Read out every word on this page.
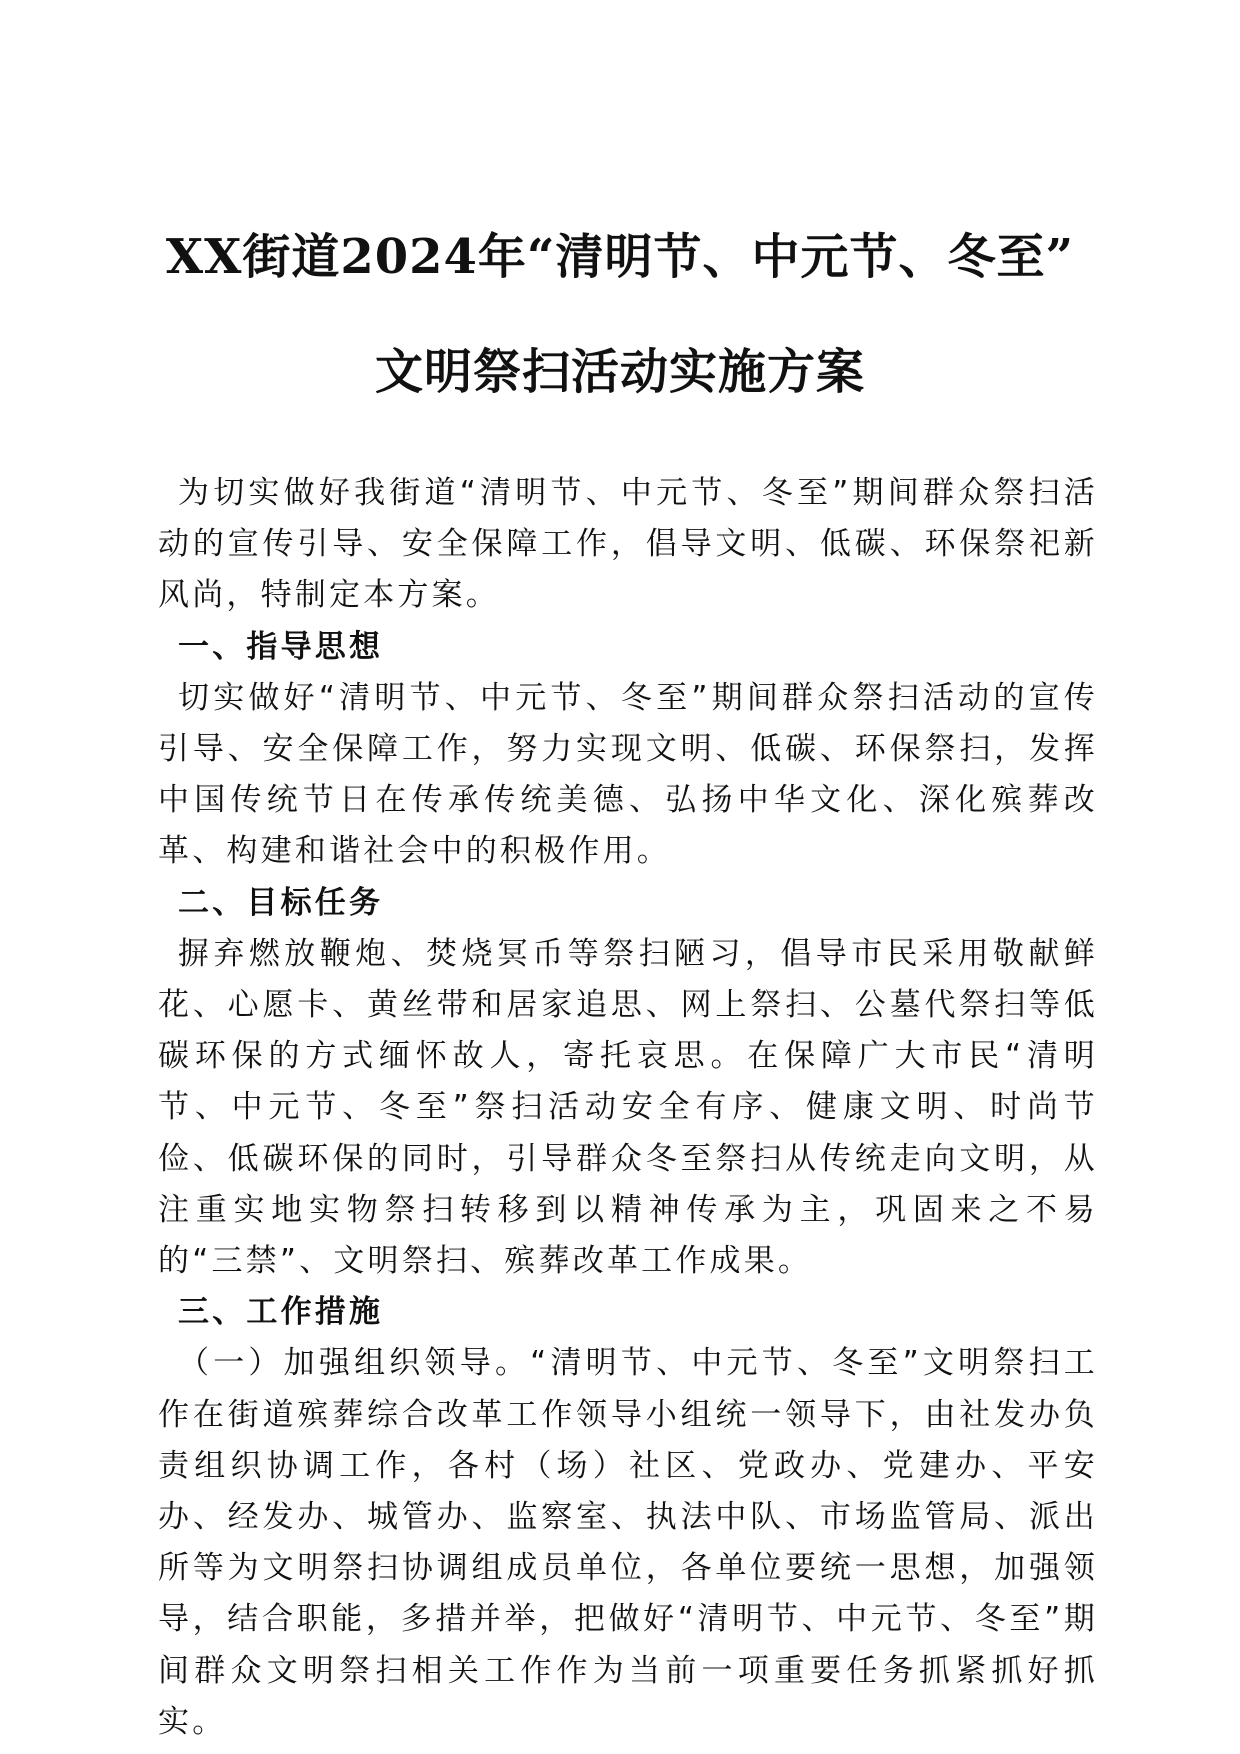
XX街道2024年“清明节、中元节、冬至”
文明祭扫活动实施方案

为切实做好我街道“清明节、中元节、冬至”期间群众祭扫活动的宣传引导、安全保障工作，倡导文明、低碳、环保祭祀新风尚，特制定本方案。

一、指导思想

切实做好“清明节、中元节、冬至”期间群众祭扫活动的宣传引导、安全保障工作，努力实现文明、低碳、环保祭扫，发挥中国传统节日在传承传统美德、弘扬中华文化、深化殡葬改革、构建和谐社会中的积极作用。

二、目标任务

摒弃燃放鞭炮、焚烧冥币等祭扫陋习，倡导市民采用敬献鲜花、心愿卡、黄丝带和居家追思、网上祭扫、公墓代祭扫等低碳环保的方式缅怀故人，寄托哀思。在保障广大市民“清明节、中元节、冬至”祭扫活动安全有序、健康文明、时尚节俭、低碳环保的同时，引导群众冬至祭扫从传统走向文明，从注重实地实物祭扫转移到以精神传承为主，巩固来之不易的“三禁”、文明祭扫、殡葬改革工作成果。

三、工作措施

（一）加强组织领导。“清明节、中元节、冬至”文明祭扫工作在街道殡葬综合改革工作领导小组统一领导下，由社发办负责组织协调工作，各村（场）社区、党政办、党建办、平安办、经发办、城管办、监察室、执法中队、市场监管局、派出所等为文明祭扫协调组成员单位，各单位要统一思想，加强领导，结合职能，多措并举，把做好“清明节、中元节、冬至”期间群众文明祭扫相关工作作为当前一项重要任务抓紧抓好抓实。
